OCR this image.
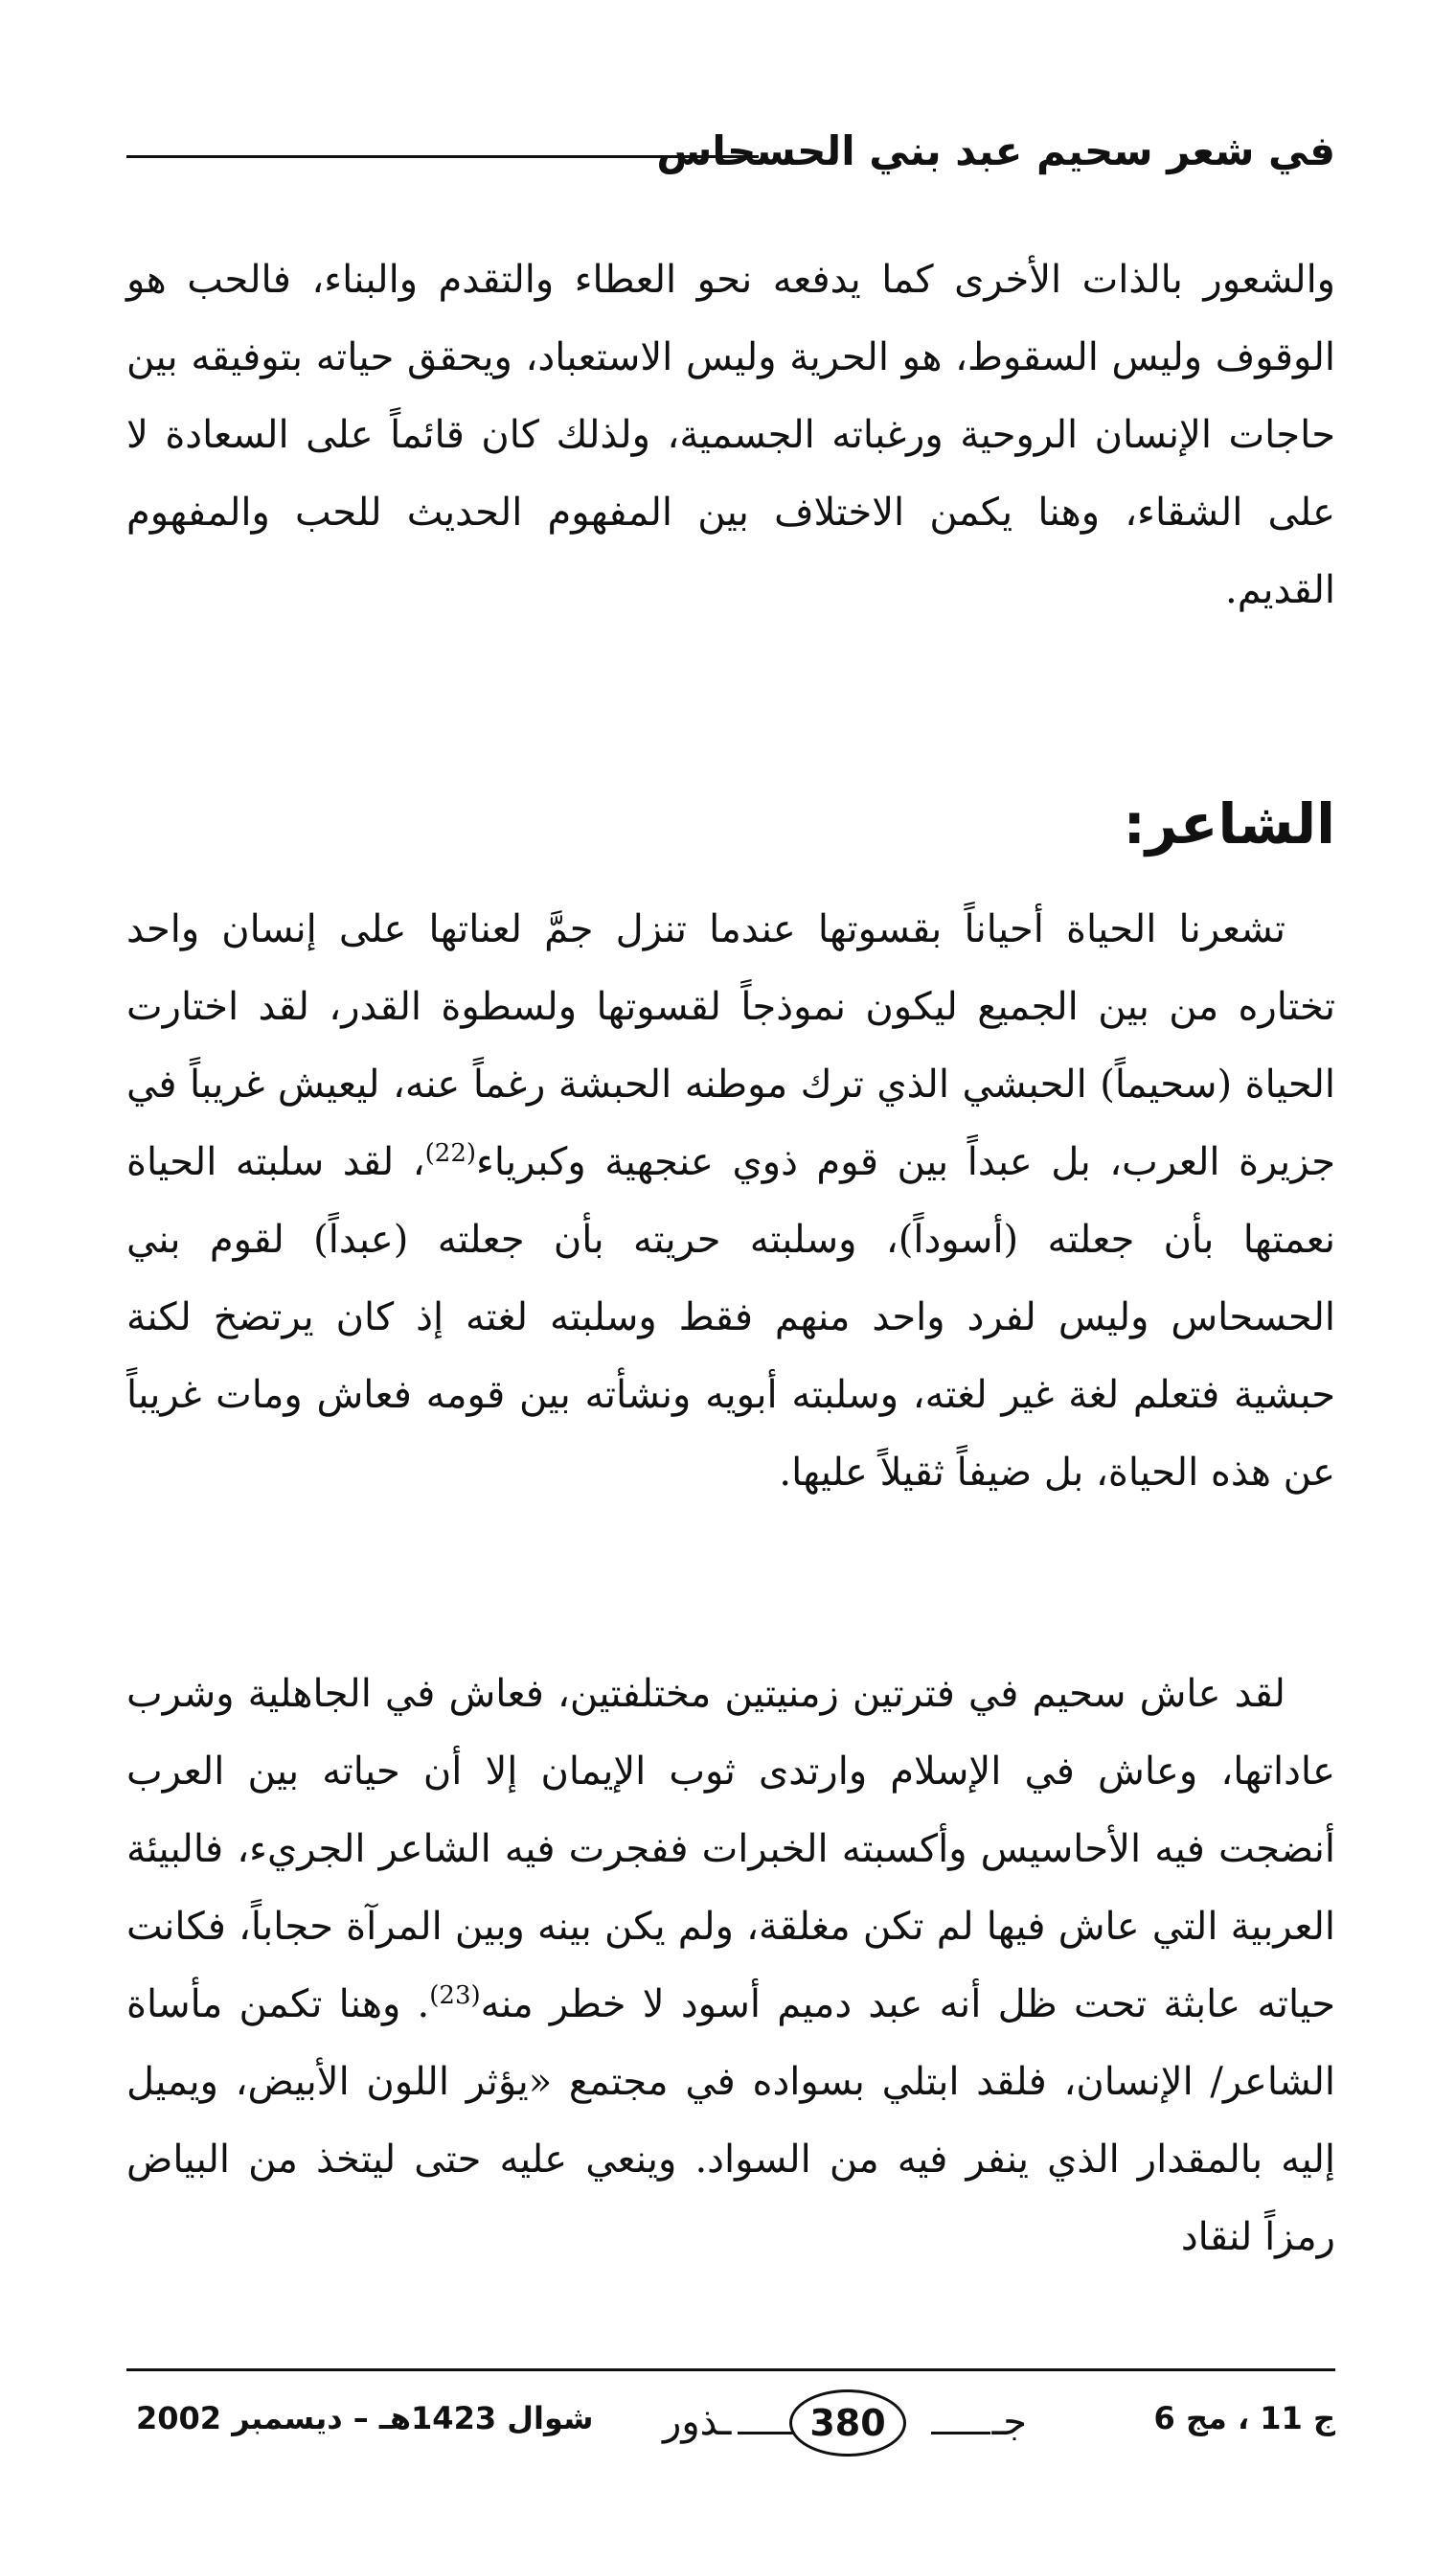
في شعر سحيم عبد بني الحسحاس

والشعور بالذات الأخرى كما يدفعه نحو العطاء والتقدم والبناء، فالحب هو الوقوف وليس السقوط، هو الحرية وليس الاستعباد، ويحقق حياته بتوفيقه بين حاجات الإنسان الروحية ورغباته الجسمية، ولذلك كان قائماً على السعادة لا على الشقاء، وهنا يكمن الاختلاف بين المفهوم الحديث للحب والمفهوم القديم.

الشاعر:

تشعرنا الحياة أحياناً بقسوتها عندما تنزل جمَّ لعناتها على إنسان واحد تختاره من بين الجميع ليكون نموذجاً لقسوتها ولسطوة القدر، لقد اختارت الحياة (سحيماً) الحبشي الذي ترك موطنه الحبشة رغماً عنه، ليعيش غريباً في جزيرة العرب، بل عبداً بين قوم ذوي عنجهية وكبرياء$^{(22)}$، لقد سلبته الحياة نعمتها بأن جعلته (أسوداً)، وسلبته حريته بأن جعلته (عبداً) لقوم بني الحسحاس وليس لفرد واحد منهم فقط وسلبته لغته إذ كان يرتضخ لكنة حبشية فتعلم لغة غير لغته، وسلبته أبويه ونشأته بين قومه فعاش ومات غريباً عن هذه الحياة، بل ضيفاً ثقيلاً عليها.

لقد عاش سحيم في فترتين زمنيتين مختلفتين، فعاش في الجاهلية وشرب عاداتها، وعاش في الإسلام وارتدى ثوب الإيمان إلا أن حياته بين العرب أنضجت فيه الأحاسيس وأكسبته الخبرات ففجرت فيه الشاعر الجريء، فالبيئة العربية التي عاش فيها لم تكن مغلقة، ولم يكن بينه وبين المرآة حجاباً، فكانت حياته عابثة تحت ظل أنه عبد دميم أسود لا خطر منه$^{(23)}$. وهنا تكمن مأساة الشاعر/ الإنسان، فلقد ابتلي بسواده في مجتمع «يؤثر اللون الأبيض، ويميل إليه بالمقدار الذي ينفر فيه من السواد. وينعي عليه حتى ليتخذ من البياض رمزاً لنقاد

ج 11 ، مج 6
جـ
ـذور	380
شوال 1423هـ – ديسمبر 2002
